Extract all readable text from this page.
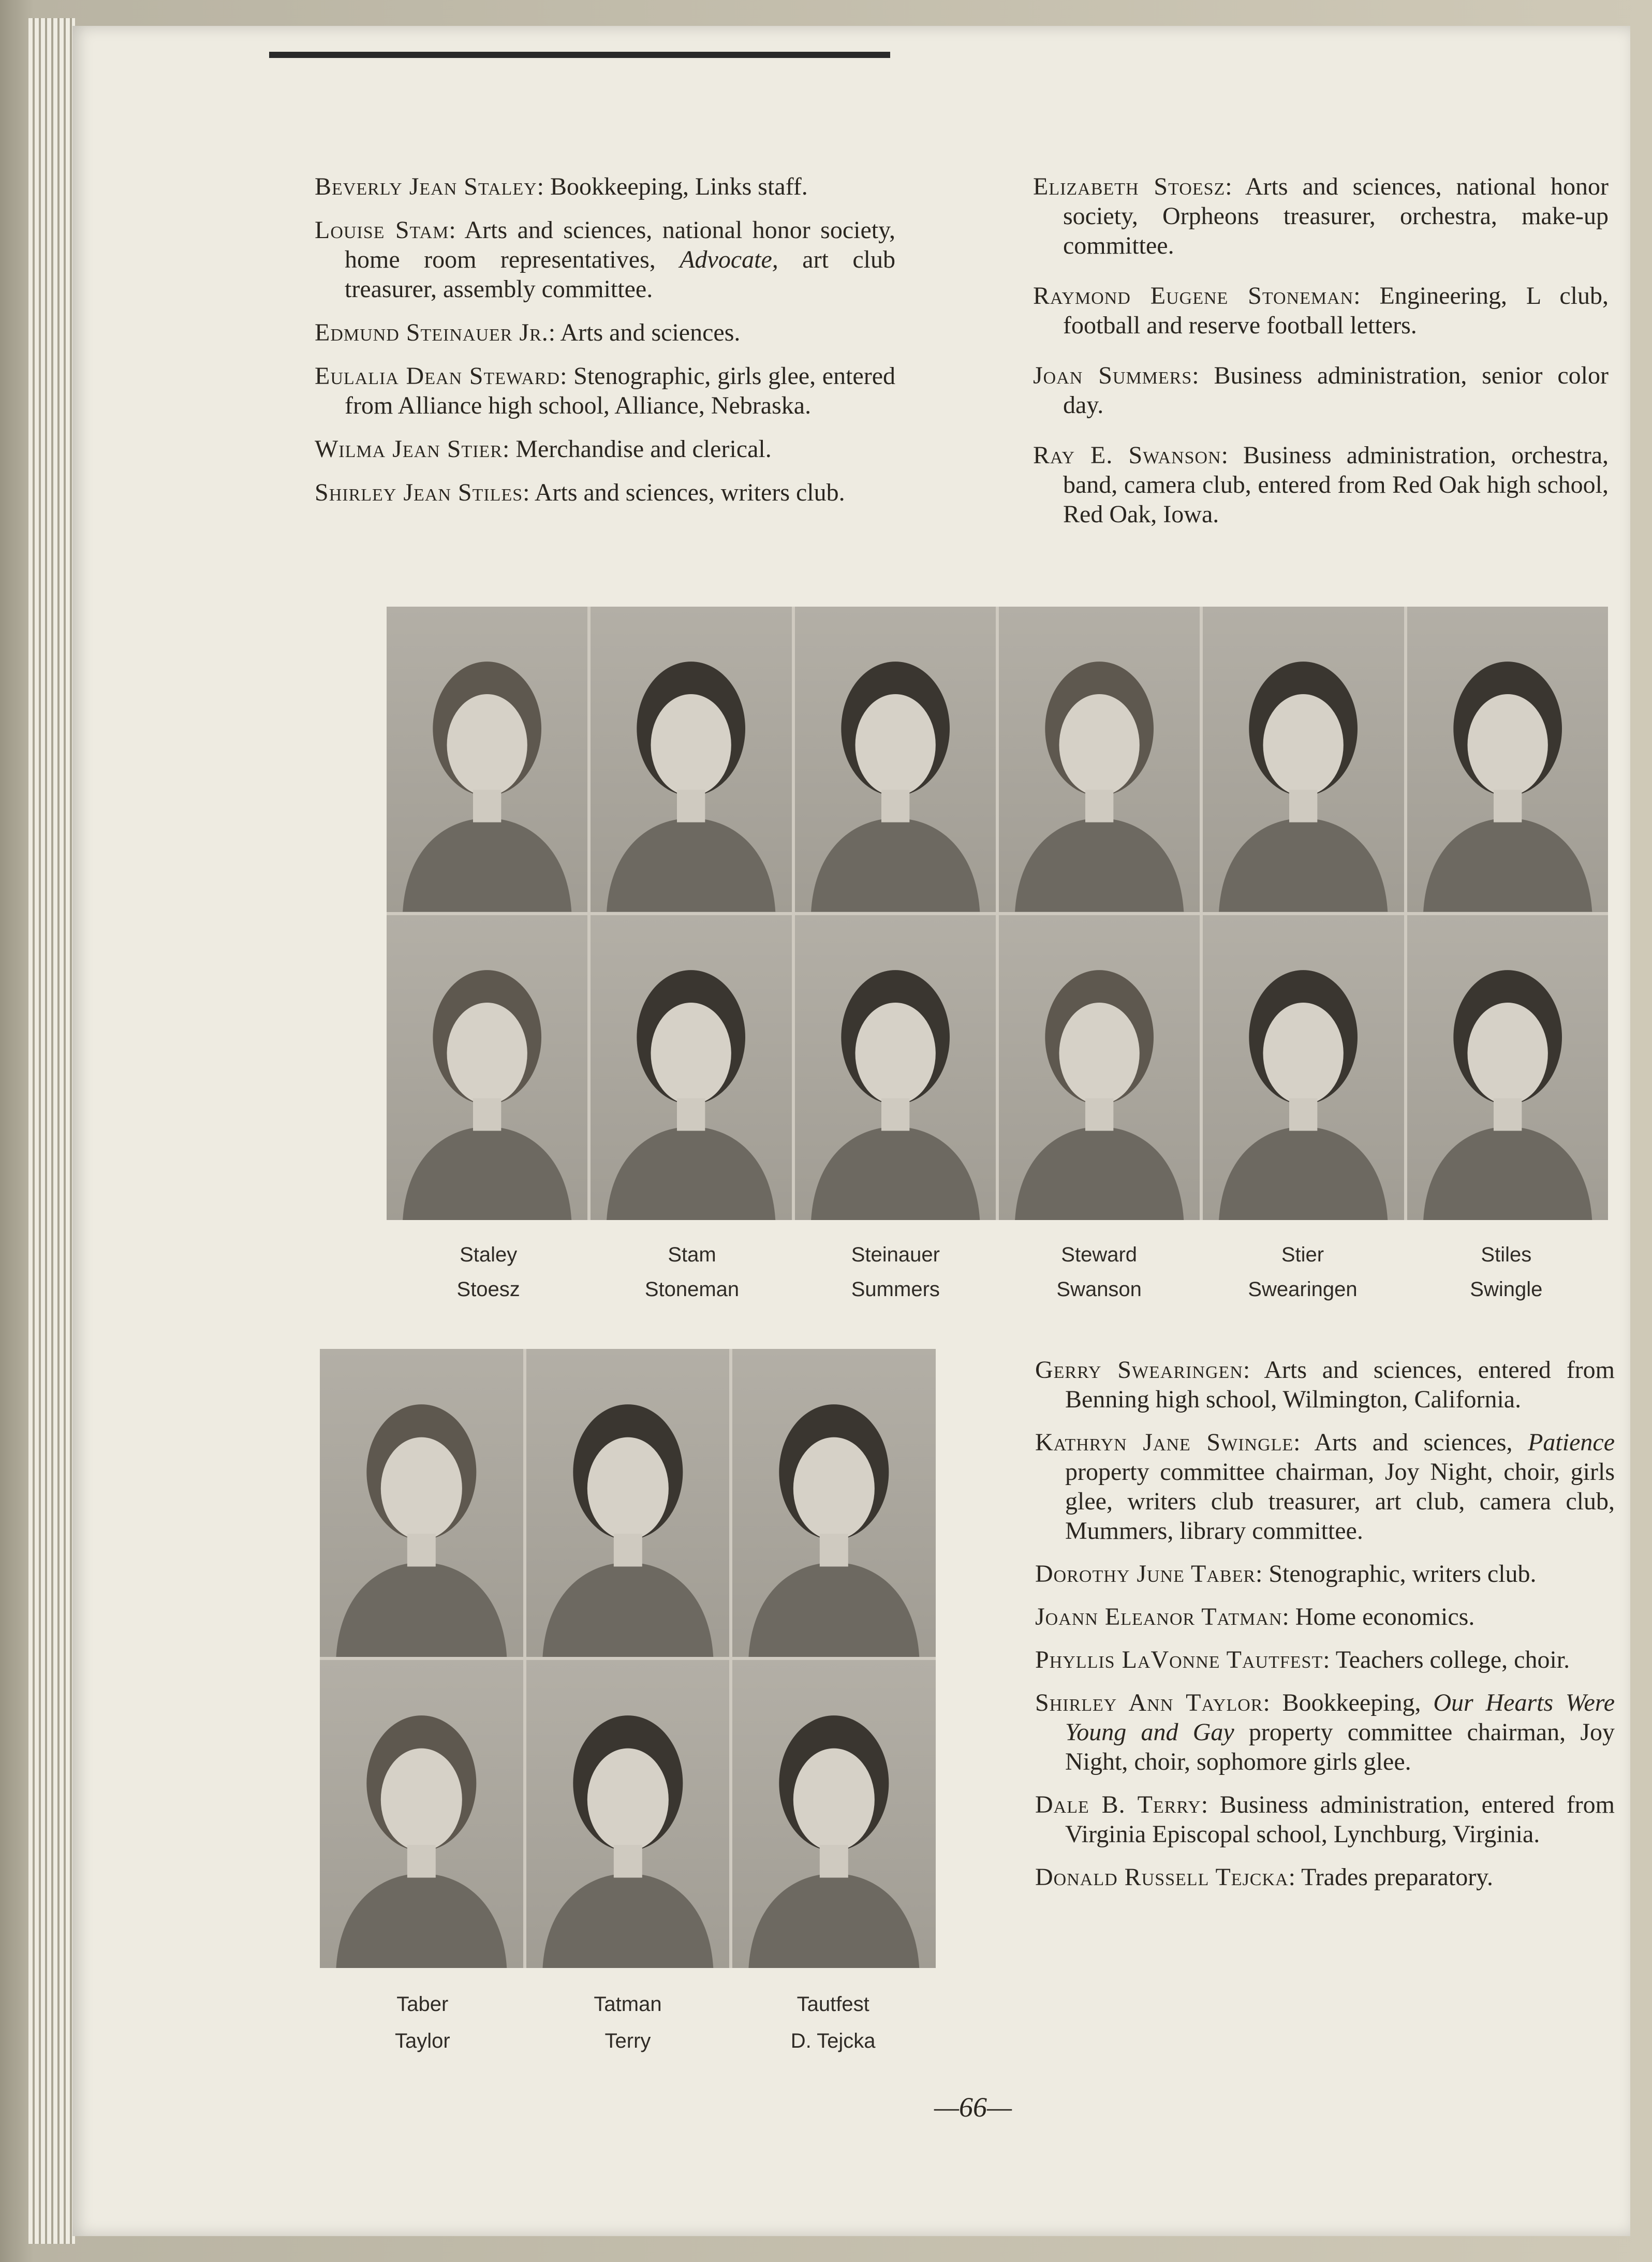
Beverly Jean Staley: Bookkeeping, Links staff.

Louise Stam: Arts and sciences, national honor society, home room representatives, Advocate, art club treasurer, assembly committee.

Edmund Steinauer Jr.: Arts and sciences.

Eulalia Dean Steward: Stenographic, girls glee, entered from Alliance high school, Alliance, Nebraska.

Wilma Jean Stier: Merchandise and clerical.

Shirley Jean Stiles: Arts and sciences, writers club.

Elizabeth Stoesz: Arts and sciences, national honor society, Orpheons treasurer, orchestra, make-up committee.

Raymond Eugene Stoneman: Engineering, L club, football and reserve football letters.

Joan Summers: Business administration, senior color day.

Ray E. Swanson: Business administration, orchestra, band, camera club, entered from Red Oak high school, Red Oak, Iowa.

Staley	Stam	Steinauer	Steward	Stier	Stiles
Stoesz	Stoneman	Summers	Swanson	Swearingen	Swingle
Taber	Tatman	Tautfest
Taylor	Terry	D. Tejcka

Gerry Swearingen: Arts and sciences, entered from Benning high school, Wilmington, California.

Kathryn Jane Swingle: Arts and sciences, Patience property committee chairman, Joy Night, choir, girls glee, writers club treasurer, art club, camera club, Mummers, library committee.

Dorothy June Taber: Stenographic, writers club.

Joann Eleanor Tatman: Home economics.

Phyllis LaVonne Tautfest: Teachers college, choir.

Shirley Ann Taylor: Bookkeeping, Our Hearts Were Young and Gay property committee chairman, Joy Night, choir, sophomore girls glee.

Dale B. Terry: Business administration, entered from Virginia Episcopal school, Lynchburg, Virginia.

Donald Russell Tejcka: Trades preparatory.

—66—
